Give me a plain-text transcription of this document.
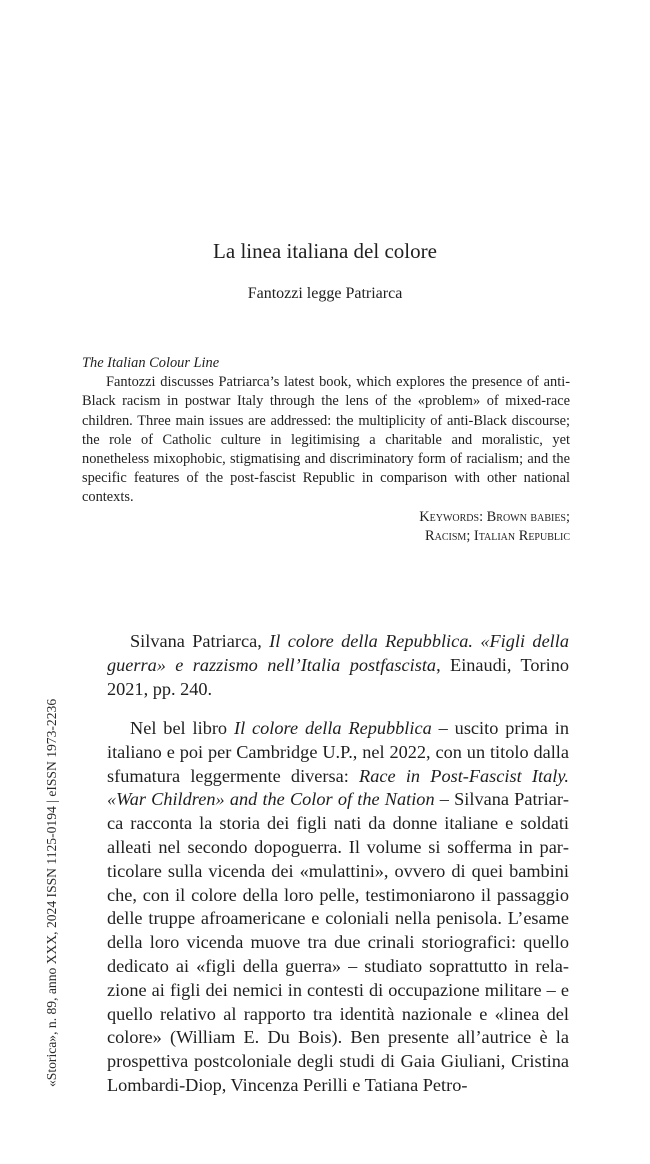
La linea italiana del colore
Fantozzi legge Patriarca

The Italian Colour Line

Fantozzi discusses Patriarca’s latest book, which explores the presence of anti-Black racism in postwar Italy through the lens of the «problem» of mixed-race children. Three main issues are addressed: the multiplicity of anti-Black discourse; the role of Catholic culture in legitimising a charitable and moralistic, yet nonetheless mixophobic, stigmatising and discriminatory form of racialism; and the specific features of the post-fascist Republic in comparison with other national contexts.

Keywords: Brown babies;
Racism; Italian Republic

Silvana Patriarca, Il colore della Repubblica. «Figli della guerra» e razzismo nell’Italia postfascista, Einaudi, Torino 2021, pp. 240.

Nel bel libro Il colore della Repubblica – uscito prima in italiano e poi per Cambridge U.P., nel 2022, con un titolo dalla sfumatura leggermente diversa: Race in Post-Fascist Italy. «War Children» and the Color of the Nation – Silvana Patriarca racconta la storia dei figli nati da donne italiane e soldati alleati nel secondo dopoguerra. Il volume si sofferma in particolare sulla vicenda dei «mulattini», ovvero di quei bambini che, con il colore della loro pelle, testimoniarono il passaggio delle truppe afroamericane e coloniali nella penisola. L’esame della loro vicenda muove tra due crinali storiografici: quello dedicato ai «figli della guerra» – studiato soprattutto in relazione ai figli dei nemici in contesti di occupazione militare – e quello relativo al rapporto tra identità nazionale e «linea del colore» (William E. Du Bois). Ben presente all’autrice è la prospettiva postcoloniale degli studi di Gaia Giuliani, Cristina Lombardi-Diop, Vincenza Perilli e Tatiana Petro-

«Storica», n. 89, anno XXX, 2024 ISSN 1125-0194 | eISSN 1973-2236
